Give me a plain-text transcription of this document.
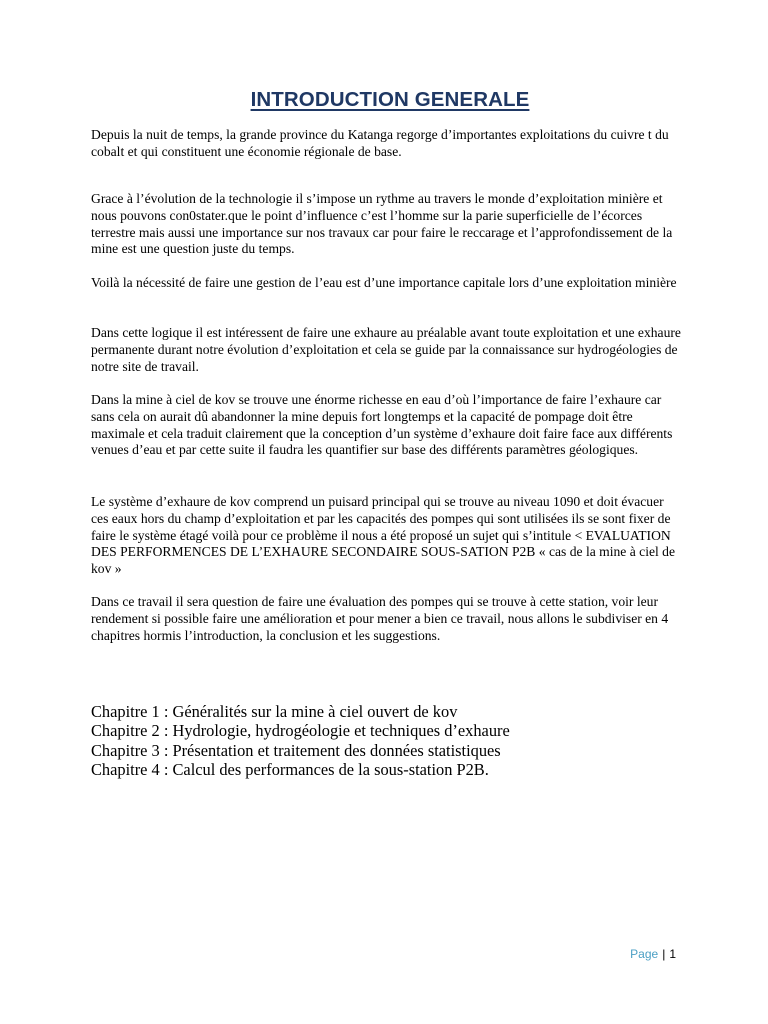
INTRODUCTION GENERALE

Depuis la nuit de temps, la grande province du Katanga regorge d’importantes exploitations du cuivre t du cobalt et qui constituent une économie régionale de base.

Grace à l’évolution de la technologie il s’impose un rythme au travers le monde d’exploitation minière et nous pouvons con0stater.que le point d’influence c’est l’homme sur la parie superficielle de l’écorces terrestre mais aussi une importance sur nos travaux car pour faire le reccarage et l’approfondissement de la mine est une question juste du temps.

Voilà la nécessité de faire une gestion de l’eau est d’une importance capitale lors d’une exploitation minière

Dans cette logique il est intéressent de faire une exhaure au préalable avant toute exploitation et une exhaure permanente durant notre évolution d’exploitation et cela se guide par la connaissance sur hydrogéologies de notre site de travail.

Dans la mine à ciel de kov se trouve une énorme richesse en eau d’où l’importance de faire l’exhaure car sans cela on aurait dû abandonner la mine depuis fort longtemps et la capacité de pompage doit être maximale et cela traduit clairement que la conception d’un système d’exhaure doit faire face aux différents venues d’eau et par cette suite il faudra les quantifier sur base des différents paramètres géologiques.

Le système d’exhaure de kov comprend un puisard principal qui se trouve au niveau 1090 et doit évacuer ces eaux hors du champ d’exploitation et par les capacités des pompes qui sont utilisées ils se sont fixer de faire le système étagé voilà pour ce problème il nous a été proposé un sujet qui s’intitule < EVALUATION DES PERFORMENCES DE L’EXHAURE SECONDAIRE SOUS-SATION P2B « cas de la mine à ciel de kov »

Dans ce travail il sera question de faire une évaluation des pompes qui se trouve à cette station, voir leur rendement si possible faire une amélioration et pour mener a bien ce travail, nous allons le subdiviser en 4 chapitres hormis l’introduction, la conclusion et les suggestions.

Chapitre 1 : Généralités sur la mine à ciel ouvert de kov
Chapitre 2 : Hydrologie, hydrogéologie et techniques d’exhaure
Chapitre 3 : Présentation et traitement des données statistiques
Chapitre 4 : Calcul des performances de la sous-station P2B.
Page | 1
